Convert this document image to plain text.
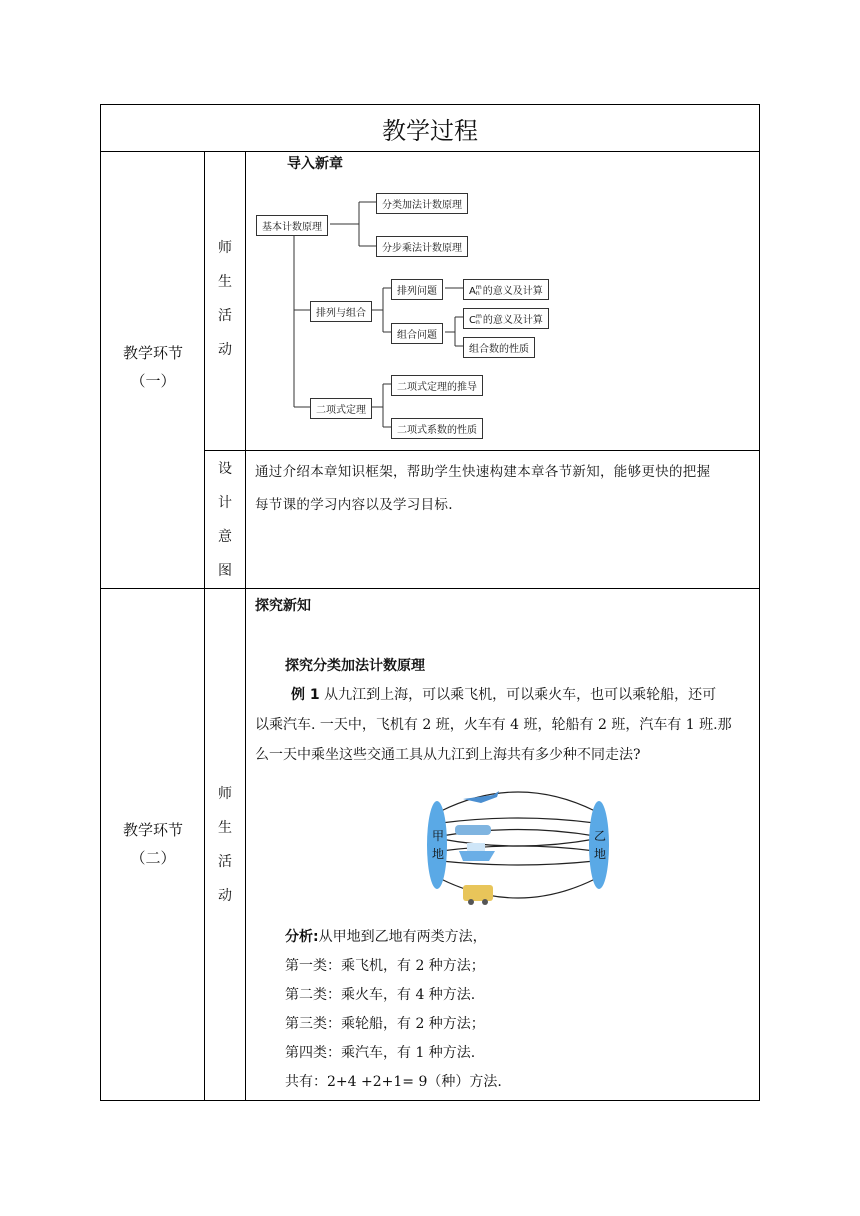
教学过程
教学环节
（一）
师
生
活
动
导入新章
基本计数原理
分类加法计数原理
分步乘法计数原理
排列与组合
排列问题	A m
n 的意义及计算
组合问题
C m
n 的意义及计算
组合数的性质
二项式定理
二项式定理的推导
二项式系数的性质
设
计
意
图
通过介绍本章知识框架，帮助学生快速构建本章各节新知，能够更快的把握
每节课的学习内容以及学习目标.
教学环节
（二）
师
生
活
动
探究新知
探究分类加法计数原理
例 1 从九江到上海，可以乘飞机，可以乘火车，也可以乘轮船，还可
以乘汽车. 一天中，飞机有 2 班，火车有 4 班，轮船有 2 班，汽车有 1 班.那
么一天中乘坐这些交通工具从九江到上海共有多少种不同走法?
甲地
乙地
分析:从甲地到乙地有两类方法，
第一类：乘飞机，有 2 种方法；
第二类：乘火车，有 4 种方法.
第三类：乘轮船，有 2 种方法；
第四类：乘汽车，有 1 种方法.
共有：2+4 +2+1= 9（种）方法.
